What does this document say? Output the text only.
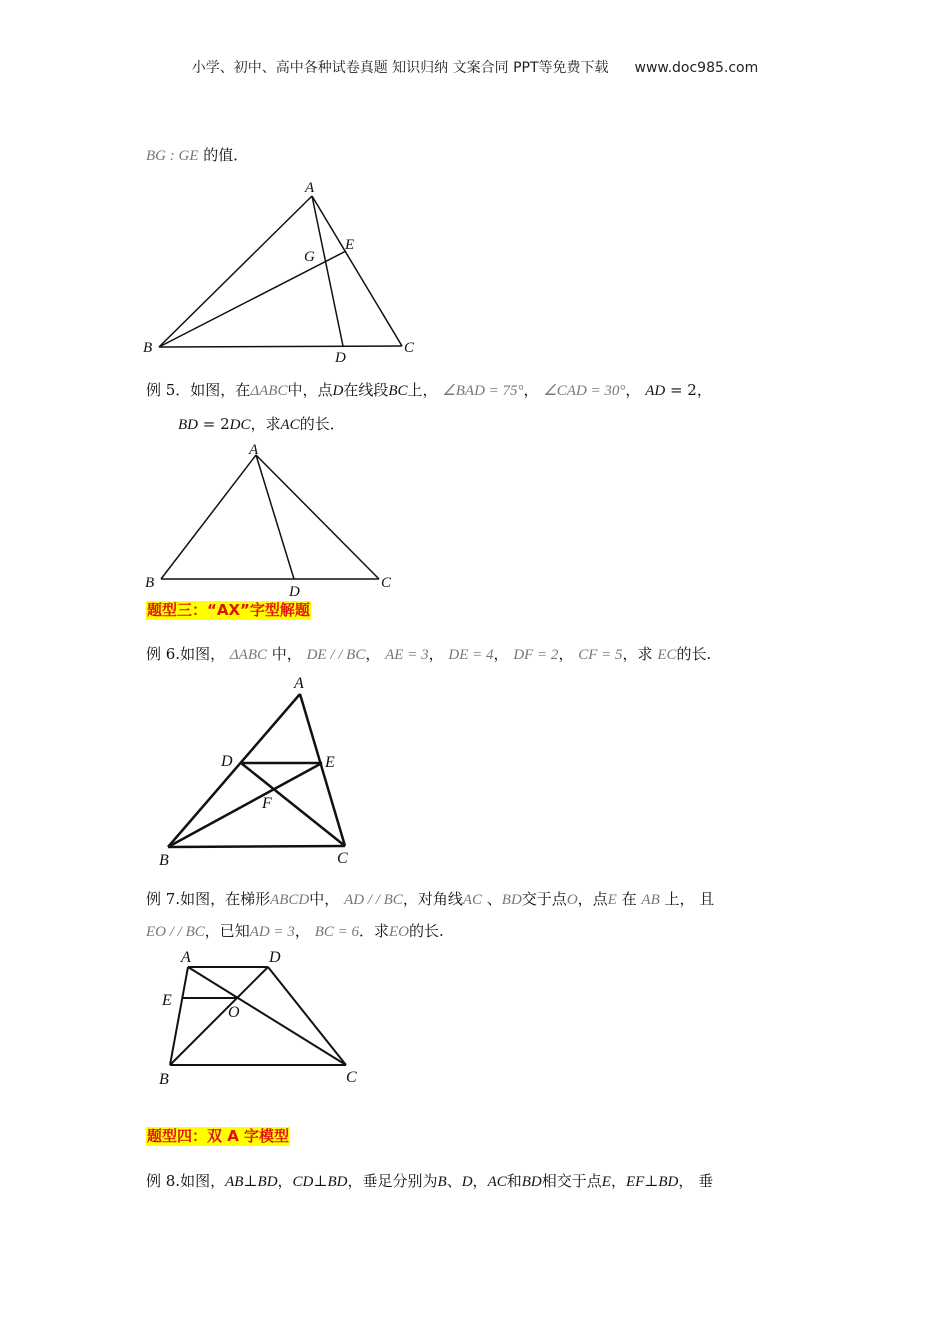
小学、初中、高中各种试卷真题 知识归纳 文案合同 PPT等免费下载 www.doc985.com
BG : GE 的值．
A
B	C
D
E
G
例 5．如图，在ΔABC中，点D在线段BC上， ∠BAD = 75°， ∠CAD = 30°， AD = 2，
BD = 2DC，求AC的长．
A
B	C
D
题型三：“AX”字型解题
例 6.如图， ΔABC 中， DE / / BC， AE = 3， DE = 4， DF = 2， CF = 5，求 EC的长.
A
B	C
D	E
F
例 7.如图，在梯形ABCD中， AD / / BC，对角线AC 、BD交于点O，点E 在 AB 上， 且
EO / / BC，已知AD = 3， BC = 6．求EO的长.
A
B	C
D
E
O
题型四：双 A 字模型
例 8.如图，AB⊥BD，CD⊥BD，垂足分别为B、D，AC和BD相交于点E，EF⊥BD， 垂
